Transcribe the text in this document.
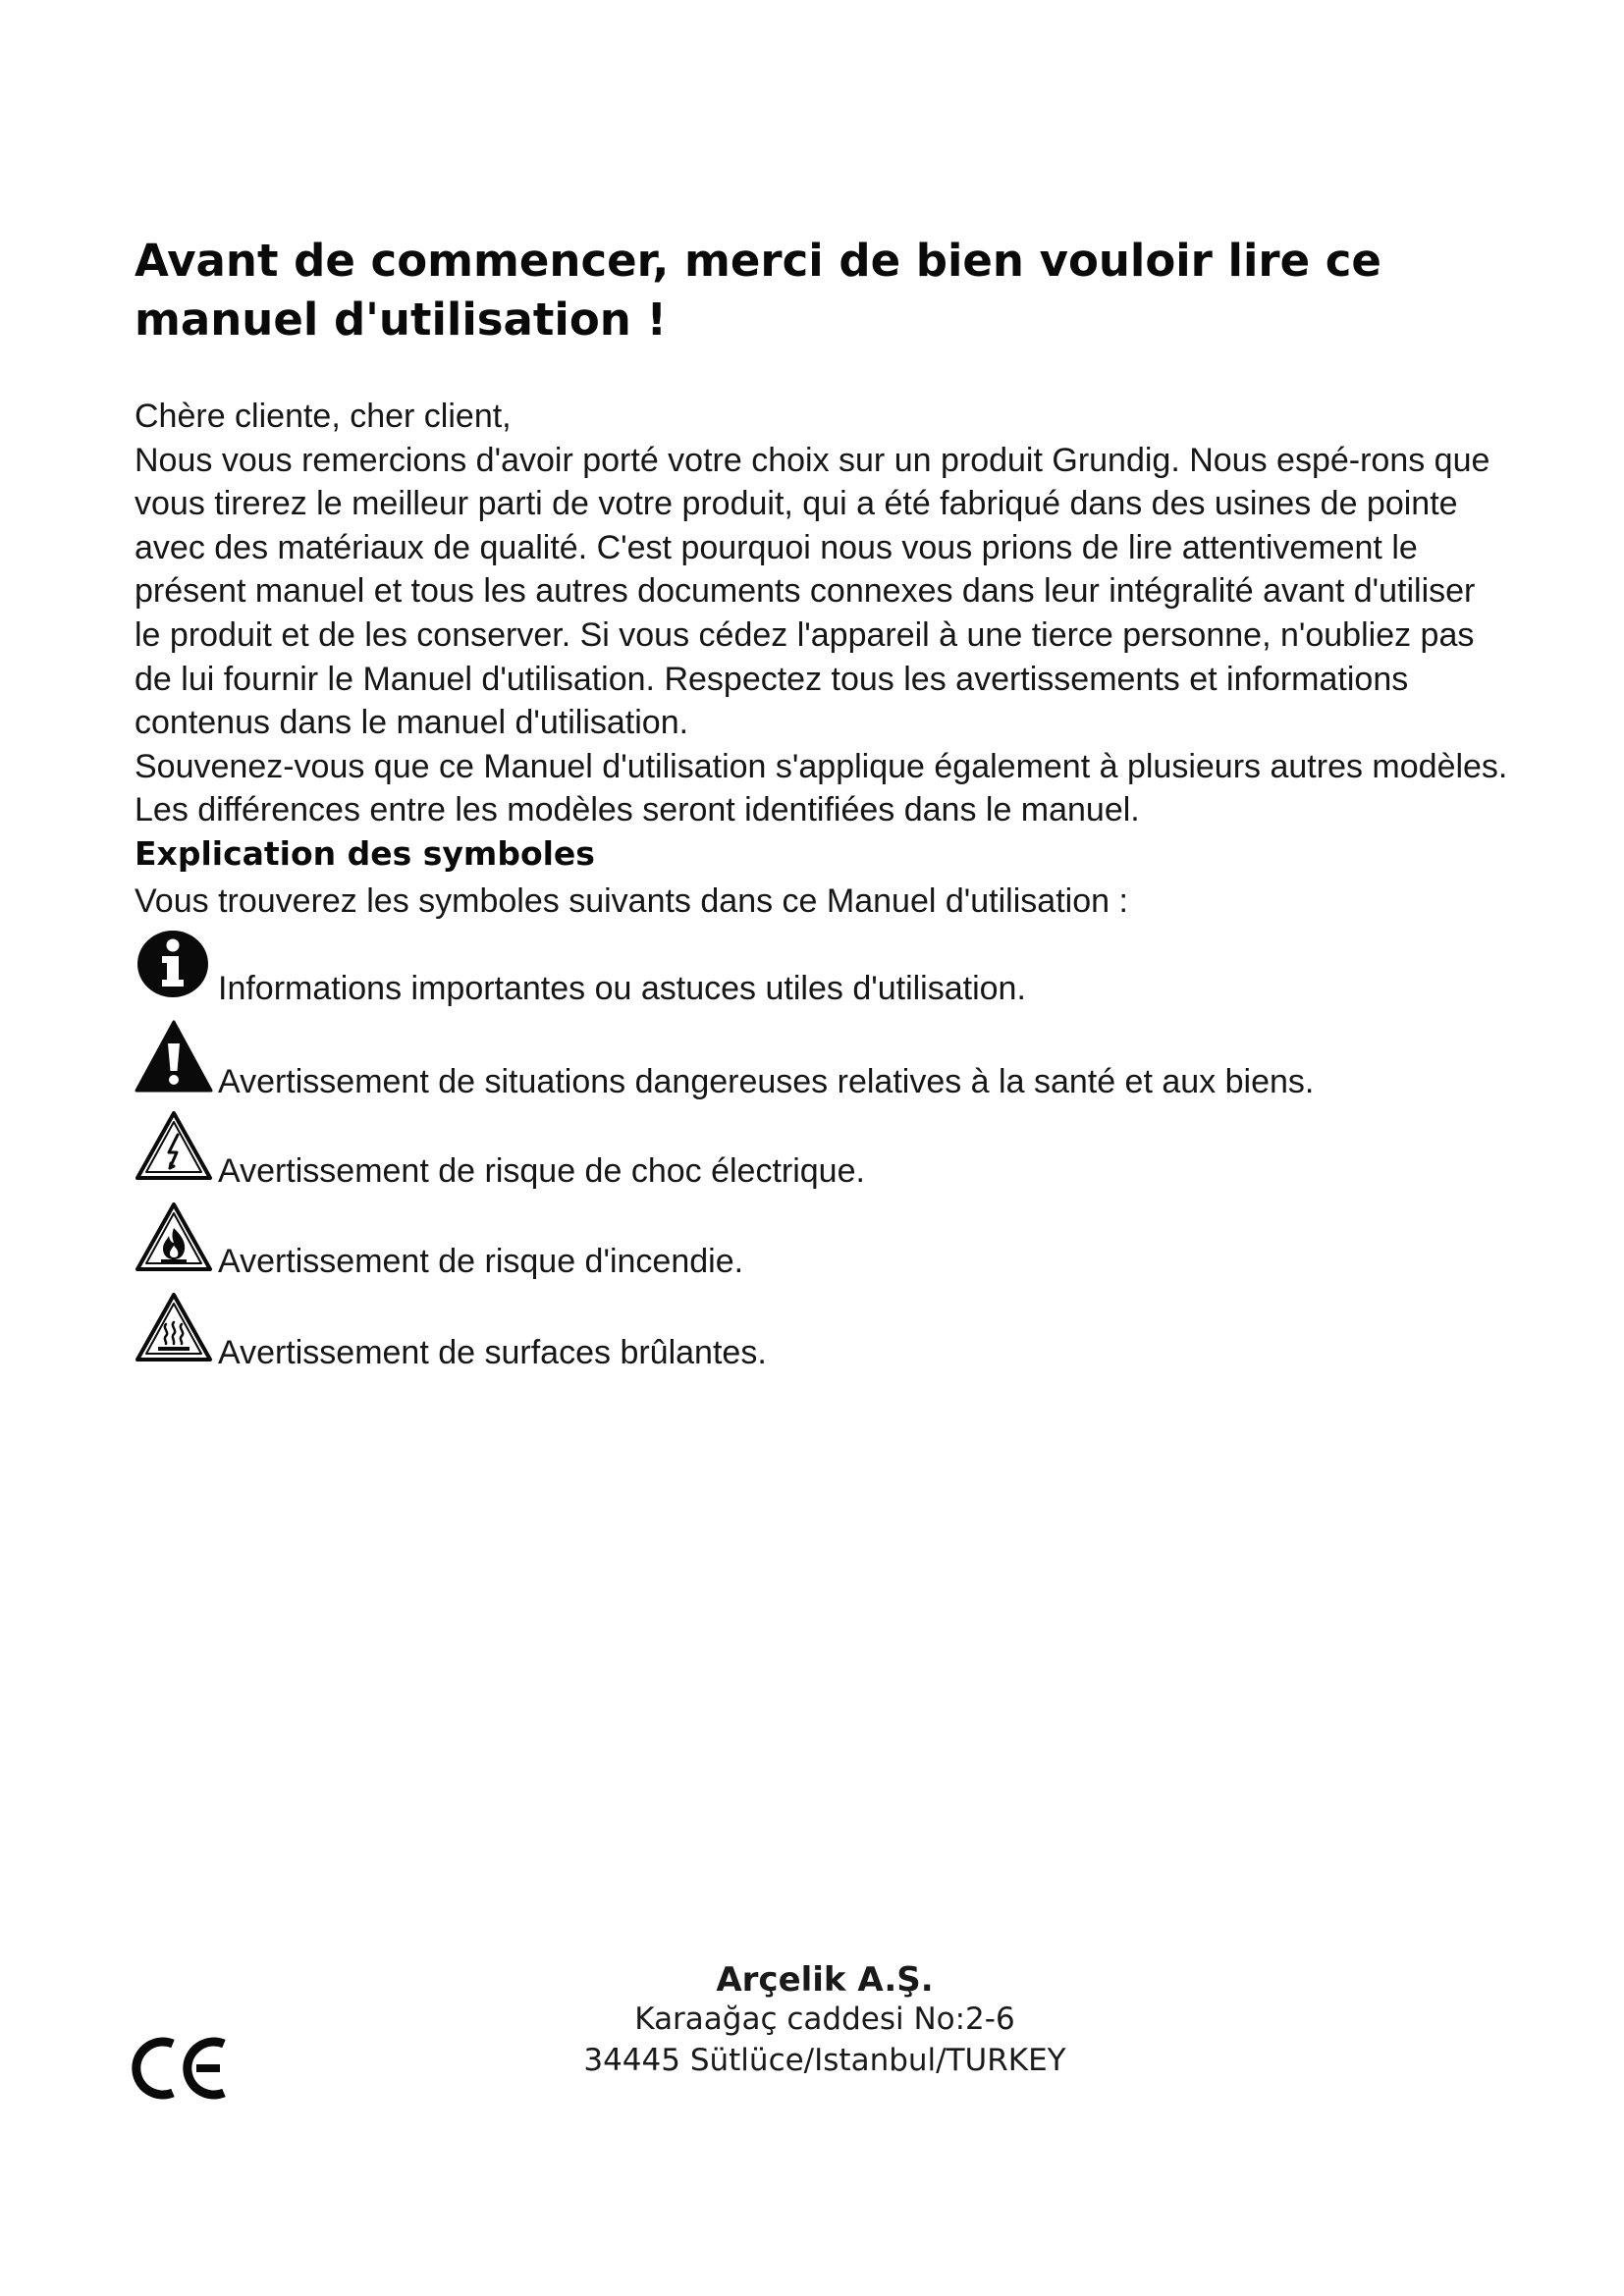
Avant de commencer, merci de bien vouloir lire ce manuel d'utilisation !

Chère cliente, cher client,

Nous vous remercions d'avoir porté votre choix sur un produit Grundig. Nous espé-rons que vous tirerez le meilleur parti de votre produit, qui a été fabriqué dans des usines de pointe avec des matériaux de qualité. C'est pourquoi nous vous prions de lire attentivement le présent manuel et tous les autres documents connexes dans leur intégralité avant d'utiliser le produit et de les conserver. Si vous cédez l'appareil à une tierce personne, n'oubliez pas de lui fournir le Manuel d'utilisation. Respectez tous les avertissements et informations contenus dans le manuel d'utilisation.

Souvenez-vous que ce Manuel d'utilisation s'applique également à plusieurs autres modèles. Les différences entre les modèles seront identifiées dans le manuel.

Explication des symboles

Vous trouverez les symboles suivants dans ce Manuel d'utilisation :

Informations importantes ou astuces utiles d'utilisation.
Avertissement de situations dangereuses relatives à la santé et aux biens.
Avertissement de risque de choc électrique.
Avertissement de risque d'incendie.
Avertissement de surfaces brûlantes.
Arçelik A.Ş.
Karaağaç caddesi No:2-6
34445 Sütlüce/Istanbul/TURKEY
